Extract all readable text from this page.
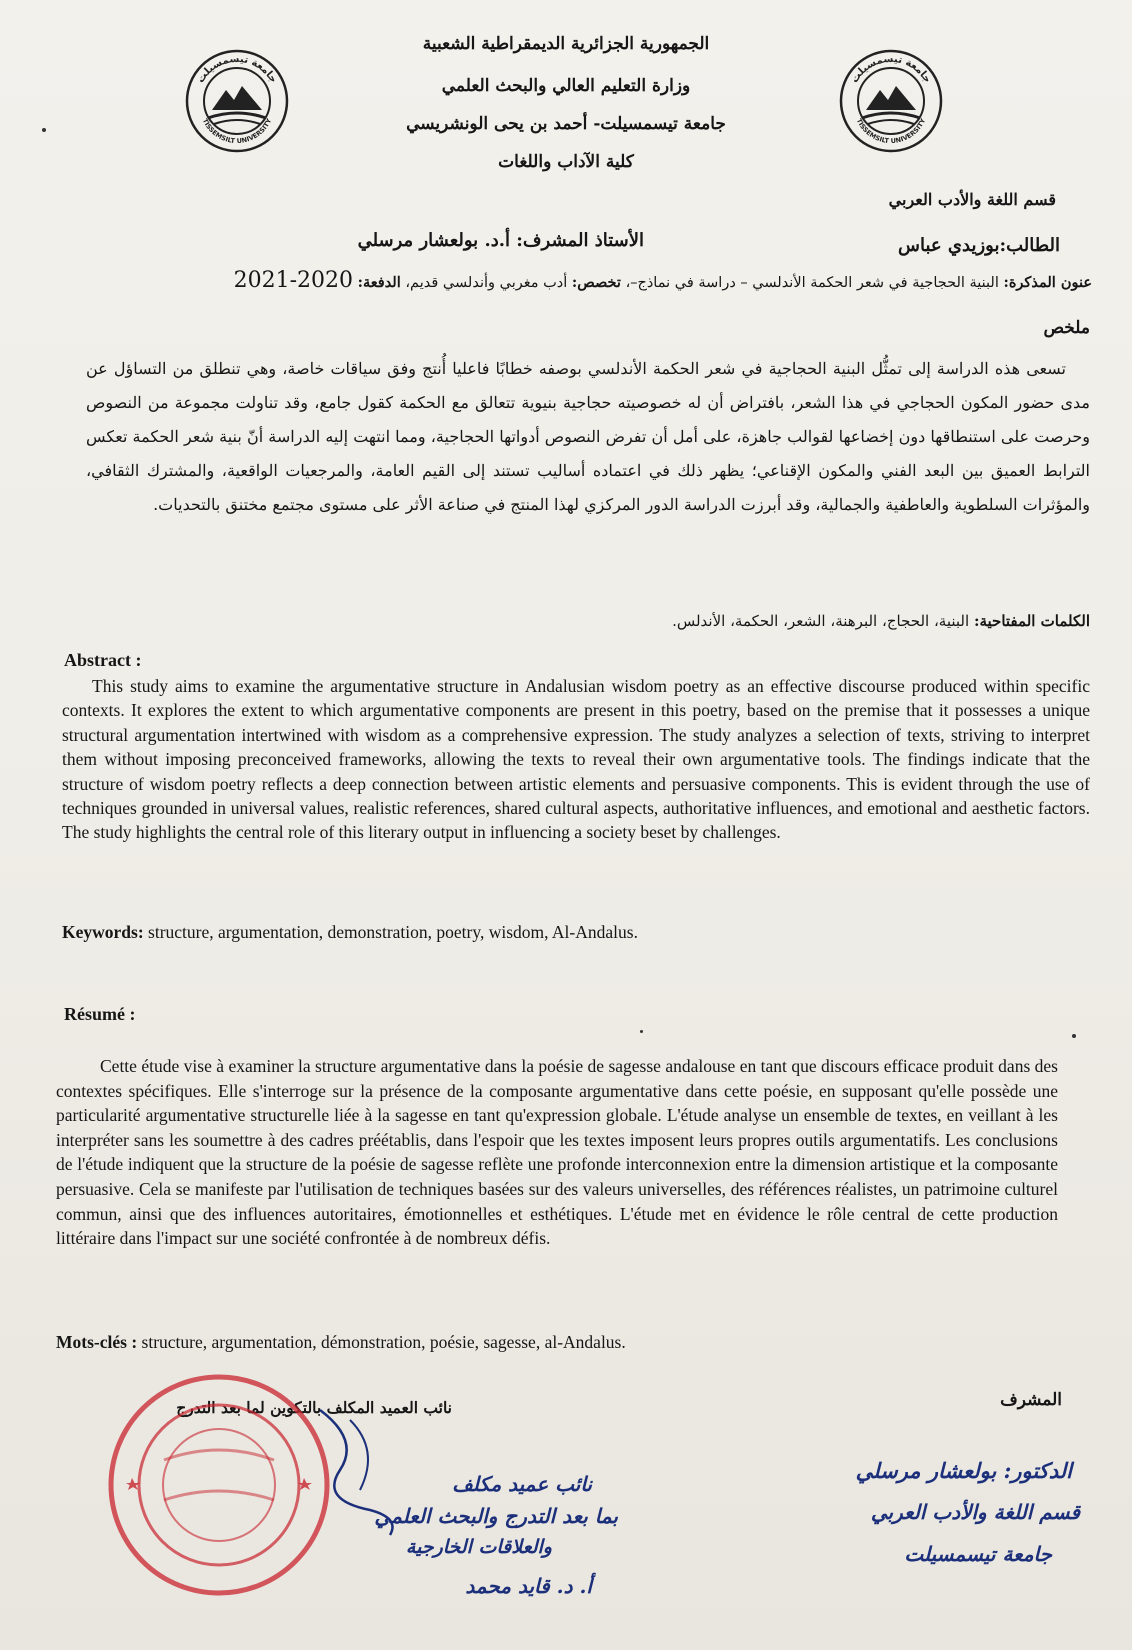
جامعة تيسمسيلت
TISSEMSILT UNIVERSITY
جامعة تيسمسيلت
TISSEMSILT UNIVERSITY
الجمهورية الجزائرية الديمقراطية الشعبية
وزارة التعليم العالي والبحث العلمي
جامعة تيسمسيلت- أحمد بن يحى الونشريسي
كلية الآداب واللغات
قسم اللغة والأدب العربي
الطالب:بوزيدي عباس
الأستاذ المشرف: أ.د. بولعشار مرسلي
عنون المذكرة: البنية الحجاجية في شعر الحكمة الأندلسي – دراسة في نماذج–، تخصص: أدب مغربي وأندلسي قديم، الدفعة: 2020-2021
ملخص
تسعى هذه الدراسة إلى تمثُّل البنية الحجاجية في شعر الحكمة الأندلسي بوصفه خطابًا فاعليا أُنتج وفق سياقات خاصة، وهي تنطلق من التساؤل عن مدى حضور المكون الحجاجي في هذا الشعر، بافتراض أن له خصوصيته حجاجية بنيوية تتعالق مع الحكمة كقول جامع، وقد تناولت مجموعة من النصوص وحرصت على استنطاقها دون إخضاعها لقوالب جاهزة، على أمل أن تفرض النصوص أدواتها الحجاجية، ومما انتهت إليه الدراسة أنّ بنية شعر الحكمة تعكس الترابط العميق بين البعد الفني والمكون الإقناعي؛ يظهر ذلك في اعتماده أساليب تستند إلى القيم العامة، والمرجعيات الواقعية، والمشترك الثقافي، والمؤثرات السلطوية والعاطفية والجمالية، وقد أبرزت الدراسة الدور المركزي لهذا المنتج في صناعة الأثر على مستوى مجتمع مختنق بالتحديات.
الكلمات المفتاحية: البنية، الحجاج، البرهنة، الشعر، الحكمة، الأندلس.
Abstract :
This study aims to examine the argumentative structure in Andalusian wisdom poetry as an effective discourse produced within specific contexts. It explores the extent to which argumentative components are present in this poetry, based on the premise that it possesses a unique structural argumentation intertwined with wisdom as a comprehensive expression. The study analyzes a selection of texts, striving to interpret them without imposing preconceived frameworks, allowing the texts to reveal their own argumentative tools. The findings indicate that the structure of wisdom poetry reflects a deep connection between artistic elements and persuasive components. This is evident through the use of techniques grounded in universal values, realistic references, shared cultural aspects, authoritative influences, and emotional and aesthetic factors. The study highlights the central role of this literary output in influencing a society beset by challenges.
Keywords: structure, argumentation, demonstration, poetry, wisdom, Al-Andalus.
Résumé :
Cette étude vise à examiner la structure argumentative dans la poésie de sagesse andalouse en tant que discours efficace produit dans des contextes spécifiques. Elle s'interroge sur la présence de la composante argumentative dans cette poésie, en supposant qu'elle possède une particularité argumentative structurelle liée à la sagesse en tant qu'expression globale. L'étude analyse un ensemble de textes, en veillant à les interpréter sans les soumettre à des cadres préétablis, dans l'espoir que les textes imposent leurs propres outils argumentatifs. Les conclusions de l'étude indiquent que la structure de la poésie de sagesse reflète une profonde interconnexion entre la dimension artistique et la composante persuasive. Cela se manifeste par l'utilisation de techniques basées sur des valeurs universelles, des références réalistes, un patrimoine culturel commun, ainsi que des influences autoritaires, émotionnelles et esthétiques. L'étude met en évidence le rôle central de cette production littéraire dans l'impact sur une société confrontée à de nombreux défis.
Mots-clés : structure, argumentation, démonstration, poésie, sagesse, al-Andalus.
المشرف
نائب العميد المكلف بالتكوين لما بعد التدرج
الدكتور: بولعشار مرسلي
قسم اللغة والأدب العربي
جامعة تيسمسيلت
نائب عميد مكلف
بما بعد التدرج والبحث العلمي
والعلاقات الخارجية
أ. د. قايد محمد
